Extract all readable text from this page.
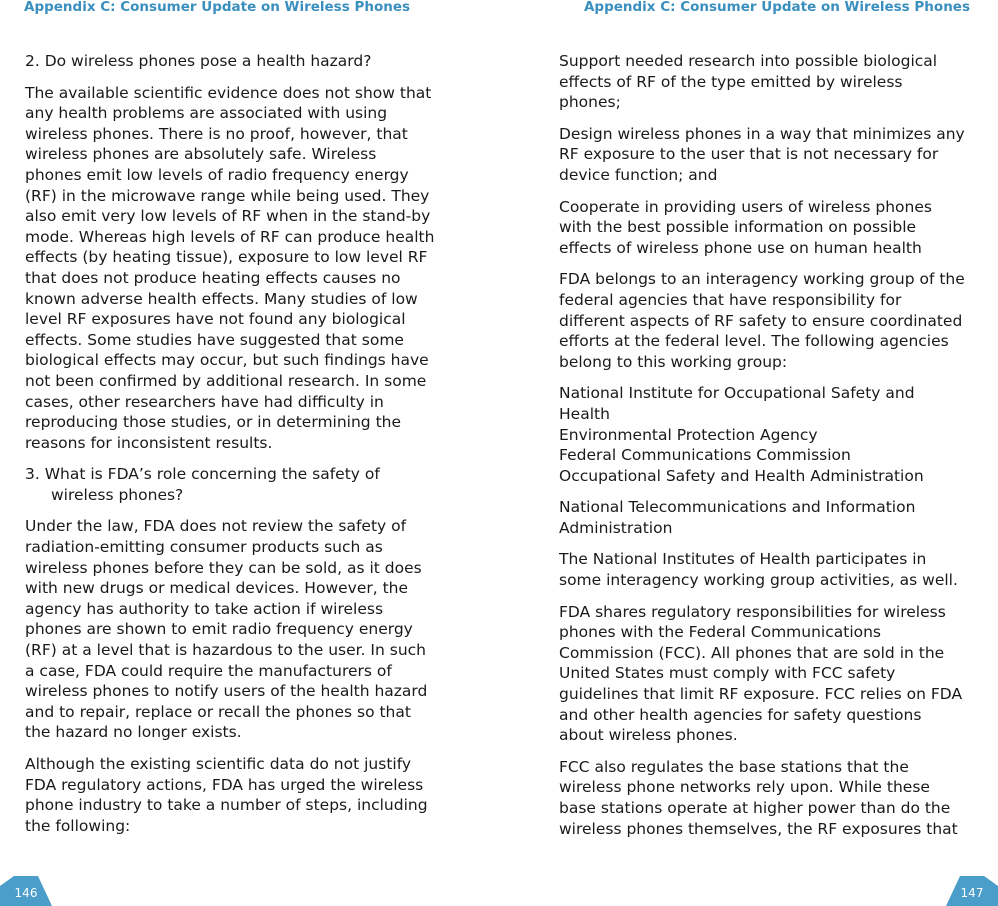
Appendix C: Consumer Update on Wireless Phones

2. Do wireless phones pose a health hazard?

The available scientific evidence does not show that any health problems are associated with using wireless phones. There is no proof, however, that wireless phones are absolutely safe. Wireless phones emit low levels of radio frequency energy (RF) in the microwave range while being used. They also emit very low levels of RF when in the stand-by mode. Whereas high levels of RF can produce health effects (by heating tissue), exposure to low level RF that does not produce heating effects causes no known adverse health effects. Many studies of low level RF exposures have not found any biological effects. Some studies have suggested that some biological effects may occur, but such findings have not been confirmed by additional research. In some cases, other researchers have had difficulty in reproducing those studies, or in determining the reasons for inconsistent results.

3. What is FDA’s role concerning the safety of wireless phones?

Under the law, FDA does not review the safety of radiation-emitting consumer products such as wireless phones before they can be sold, as it does with new drugs or medical devices. However, the agency has authority to take action if wireless phones are shown to emit radio frequency energy (RF) at a level that is hazardous to the user. In such a case, FDA could require the manufacturers of wireless phones to notify users of the health hazard and to repair, replace or recall the phones so that the hazard no longer exists.

Although the existing scientific data do not justify FDA regulatory actions, FDA has urged the wireless phone industry to take a number of steps, including the following:

146
Appendix C: Consumer Update on Wireless Phones

Support needed research into possible biological effects of RF of the type emitted by wireless phones;

Design wireless phones in a way that minimizes any RF exposure to the user that is not necessary for device function; and

Cooperate in providing users of wireless phones with the best possible information on possible effects of wireless phone use on human health

FDA belongs to an interagency working group of the federal agencies that have responsibility for different aspects of RF safety to ensure coordinated efforts at the federal level. The following agencies belong to this working group:

National Institute for Occupational Safety and Health
Environmental Protection Agency
Federal Communications Commission
Occupational Safety and Health Administration

National Telecommunications and Information Administration

The National Institutes of Health participates in some interagency working group activities, as well.

FDA shares regulatory responsibilities for wireless phones with the Federal Communications Commission (FCC). All phones that are sold in the United States must comply with FCC safety guidelines that limit RF exposure. FCC relies on FDA and other health agencies for safety questions about wireless phones.

FCC also regulates the base stations that the wireless phone networks rely upon. While these base stations operate at higher power than do the wireless phones themselves, the RF exposures that

147
